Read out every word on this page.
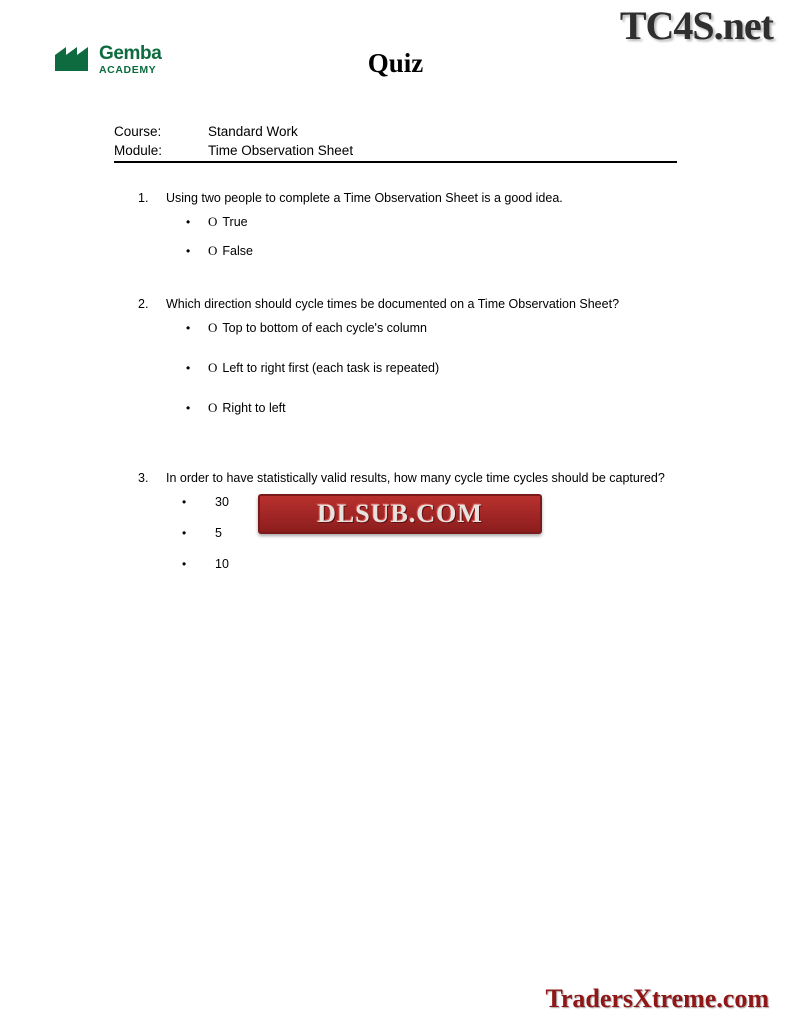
TC4S.net
Gemba
ACADEMY	Quiz
Course:	Standard Work
Module:	Time Observation Sheet
1.	Using two people to complete a Time Observation Sheet is a good idea.
•	O True
•	O False
2.	Which direction should cycle times be documented on a Time Observation Sheet?
•	O Top to bottom of each cycle's column
•	O Left to right first (each task is repeated)
•	O Right to left
3.	In order to have statistically valid results, how many cycle time cycles should be captured?
•	30
•	5
•	10
DLSUB.COM
TradersXtreme.com
